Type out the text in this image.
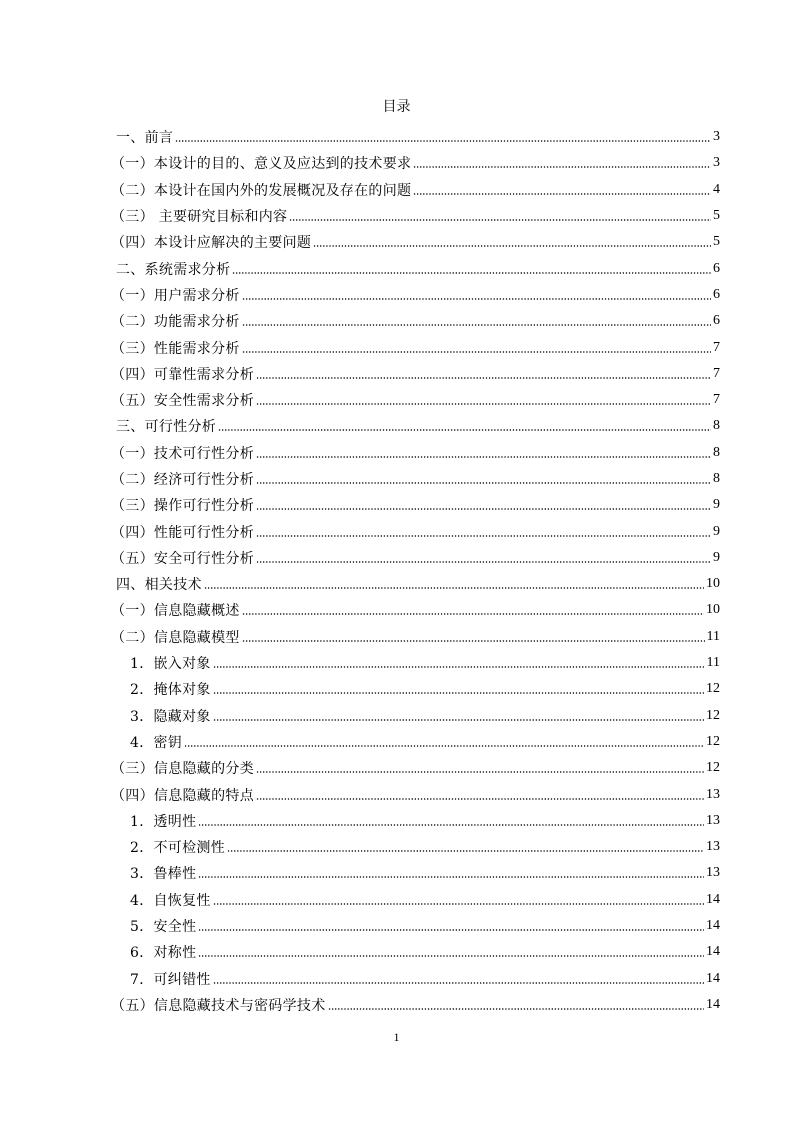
目录
一、前言	3
（一）本设计的目的、意义及应达到的技术要求	3
（二）本设计在国内外的发展概况及存在的问题	4
（三） 主要研究目标和内容	5
（四）本设计应解决的主要问题	5
二、系统需求分析	6
（一）用户需求分析	6
（二）功能需求分析	6
（三）性能需求分析	7
（四）可靠性需求分析	7
（五）安全性需求分析	7
三、可行性分析	8
（一）技术可行性分析	8
（二）经济可行性分析	8
（三）操作可行性分析	9
（四）性能可行性分析	9
（五）安全可行性分析	9
四、相关技术	10
（一）信息隐藏概述	10
（二）信息隐藏模型	11
1．嵌入对象	11
2．掩体对象	12
3．隐藏对象	12
4．密钥	12
（三）信息隐藏的分类	12
（四）信息隐藏的特点	13
1．透明性	13
2．不可检测性	13
3．鲁棒性	13
4．自恢复性	14
5．安全性	14
6．对称性	14
7．可纠错性	14
（五）信息隐藏技术与密码学技术	14
1
